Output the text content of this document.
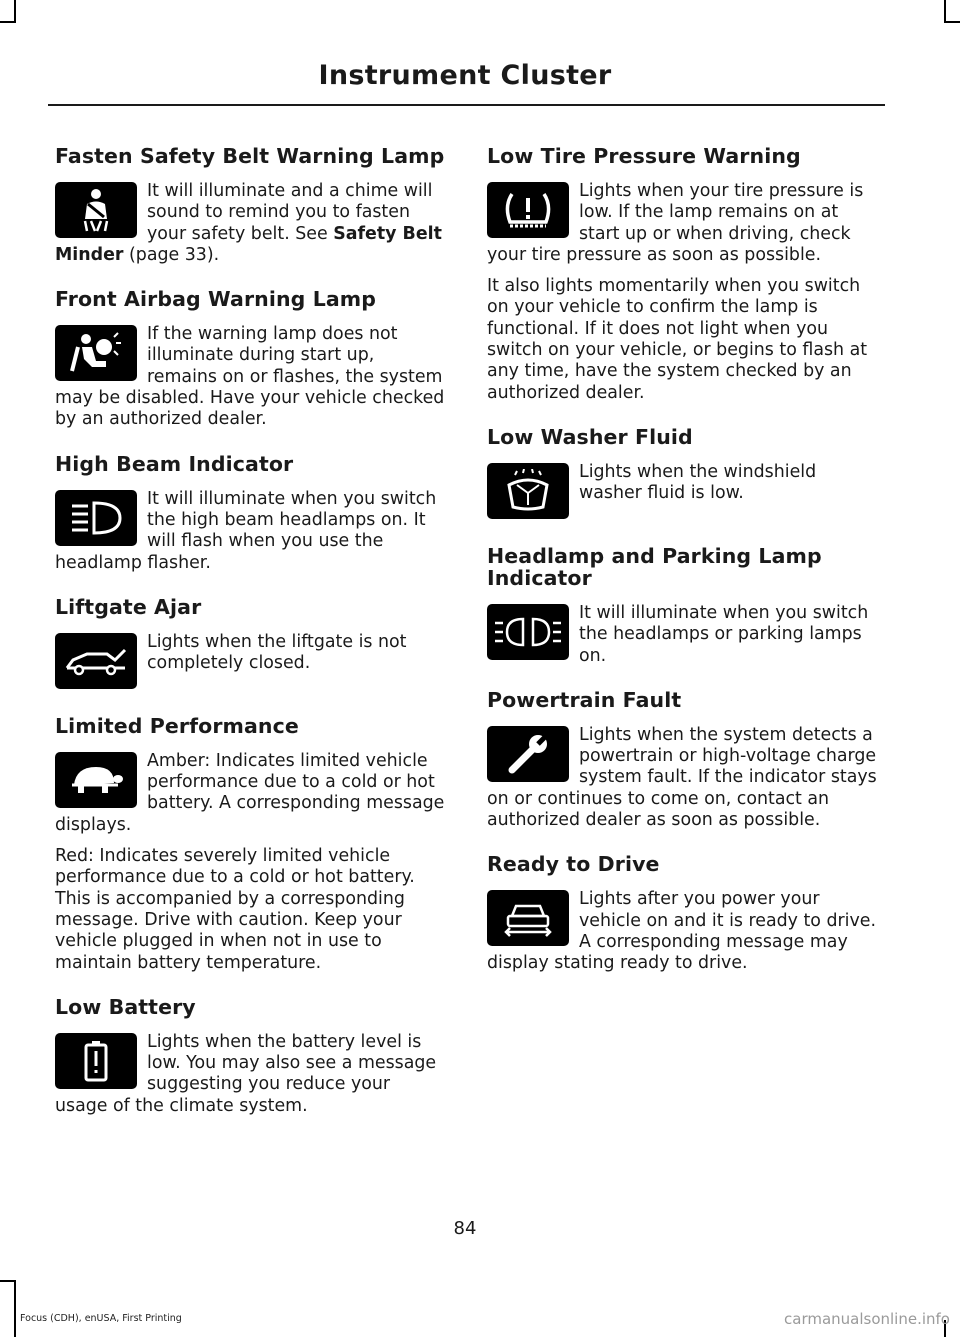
Instrument Cluster
Fasten Safety Belt Warning Lamp

It will illuminate and a chime will sound to remind you to fasten your safety belt. See Safety Belt Minder (page 33).

Front Airbag Warning Lamp

If the warning lamp does not illuminate during start up, remains on or flashes, the system may be disabled. Have your vehicle checked by an authorized dealer.

High Beam Indicator

It will illuminate when you switch the high beam headlamps on. It will flash when you use the headlamp flasher.

Liftgate Ajar

Lights when the liftgate is not completely closed.

Limited Performance

Amber: Indicates limited vehicle performance due to a cold or hot battery. A corresponding message displays.

Red: Indicates severely limited vehicle performance due to a cold or hot battery. This is accompanied by a corresponding message. Drive with caution. Keep your vehicle plugged in when not in use to maintain battery temperature.

Low Battery

Lights when the battery level is low. You may also see a message suggesting you reduce your usage of the climate system.

Low Tire Pressure Warning

Lights when your tire pressure is low. If the lamp remains on at start up or when driving, check your tire pressure as soon as possible.

It also lights momentarily when you switch on your vehicle to confirm the lamp is functional. If it does not light when you switch on your vehicle, or begins to flash at any time, have the system checked by an authorized dealer.

Low Washer Fluid

Lights when the windshield washer fluid is low.

Headlamp and Parking Lamp Indicator

It will illuminate when you switch the headlamps or parking lamps on.

Powertrain Fault

Lights when the system detects a powertrain or high-voltage charge system fault. If the indicator stays on or continues to come on, contact an authorized dealer as soon as possible.

Ready to Drive

Lights after you power your vehicle on and it is ready to drive. A corresponding message may display stating ready to drive.

84
Focus (CDH), enUSA, First Printing	carmanualsonline.info
